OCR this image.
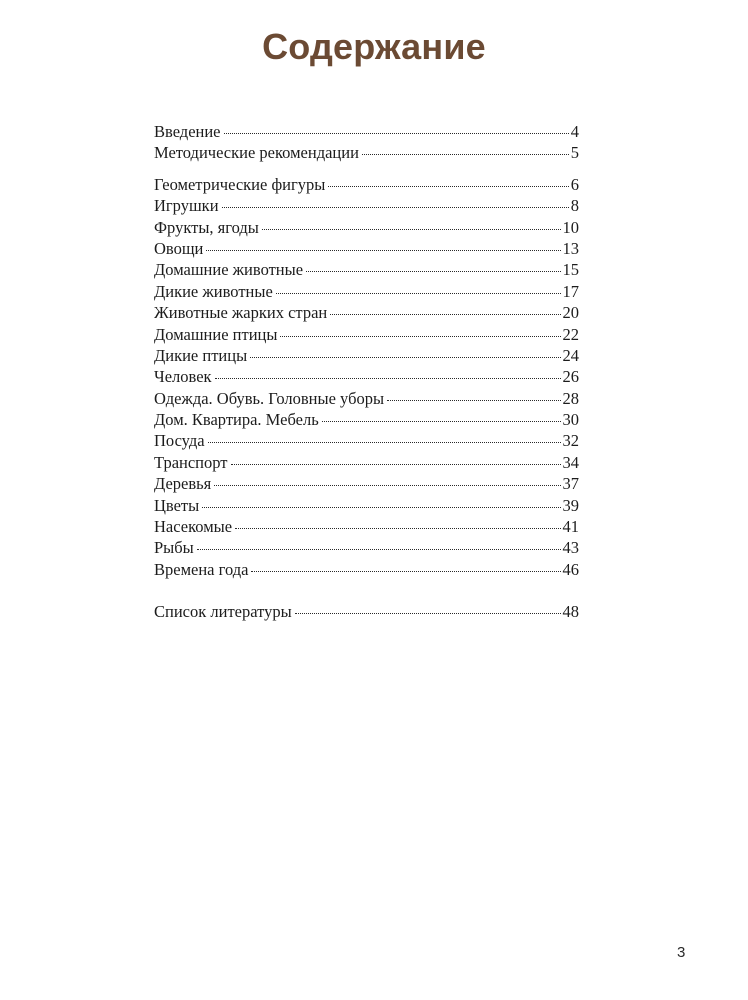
Содержание
Введение	4
Методические рекомендации	5
Геометрические фигуры	6
Игрушки	8
Фрукты, ягоды	10
Овощи	13
Домашние животные	15
Дикие животные	17
Животные жарких стран	20
Домашние птицы	22
Дикие птицы	24
Человек	26
Одежда. Обувь. Головные уборы	28
Дом. Квартира. Мебель	30
Посуда	32
Транспорт	34
Деревья	37
Цветы	39
Насекомые	41
Рыбы	43
Времена года	46
Список литературы	48
3
